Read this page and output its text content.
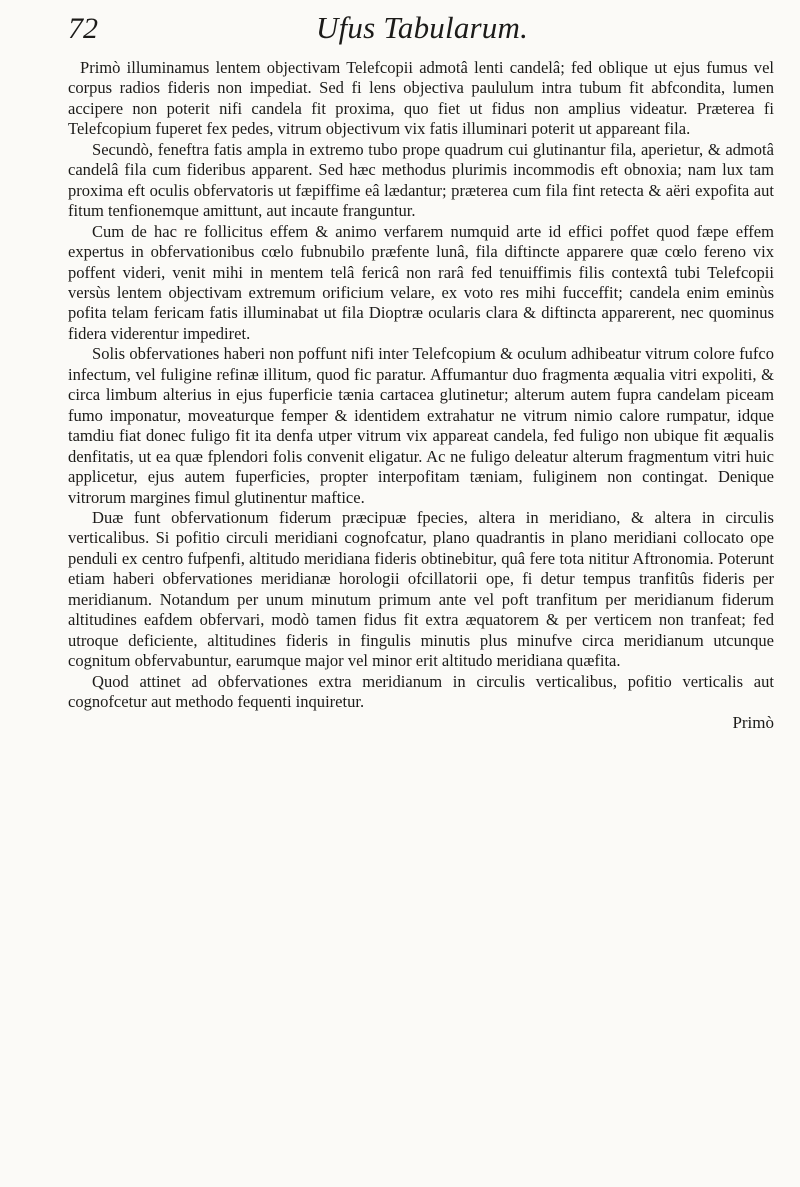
72	Ufus Tabularum.

Primò illuminamus lentem objectivam Telefcopii admotâ lenti candelâ; fed oblique ut ejus fumus vel corpus radios fideris non impediat. Sed fi lens objectiva paululum intra tubum fit abfcondita, lumen accipere non poterit nifi candela fit proxima, quo fiet ut fidus non amplius videatur. Præterea fi Telefcopium fuperet fex pedes, vitrum objectivum vix fatis illuminari poterit ut appareant fila.

Secundò, feneftra fatis ampla in extremo tubo prope quadrum cui glutinantur fila, aperietur, & admotâ candelâ fila cum fideribus apparent. Sed hæc methodus plurimis incommodis eft obnoxia; nam lux tam proxima eft oculis obfervatoris ut fæpiffime eâ lædantur; præterea cum fila fint retecta & aëri expofita aut fitum tenfionemque amittunt, aut incaute franguntur.

Cum de hac re follicitus effem & animo verfarem numquid arte id effici poffet quod fæpe effem expertus in obfervationibus cœlo fubnubilo præfente lunâ, fila diftincte apparere quæ cœlo fereno vix poffent videri, venit mihi in mentem telâ fericâ non rarâ fed tenuiffimis filis contextâ tubi Telefcopii versùs lentem objectivam extremum orificium velare, ex voto res mihi fucceffit; candela enim eminùs pofita telam fericam fatis illuminabat ut fila Dioptræ ocularis clara & diftincta apparerent, nec quominus fidera viderentur impediret.

Solis obfervationes haberi non poffunt nifi inter Telefcopium & oculum adhibeatur vitrum colore fufco infectum, vel fuligine refinæ illitum, quod fic paratur. Affumantur duo fragmenta æqualia vitri expoliti, & circa limbum alterius in ejus fuperficie tænia cartacea glutinetur; alterum autem fupra candelam piceam fumo imponatur, moveaturque femper & identidem extrahatur ne vitrum nimio calore rumpatur, idque tamdiu fiat donec fuligo fit ita denfa utper vitrum vix appareat candela, fed fuligo non ubique fit æqualis denfitatis, ut ea quæ fplendori folis convenit eligatur. Ac ne fuligo deleatur alterum fragmentum vitri huic applicetur, ejus autem fuperficies, propter interpofitam tæniam, fuliginem non contingat. Denique vitrorum margines fimul glutinentur maftice.

Duæ funt obfervationum fiderum præcipuæ fpecies, altera in meridiano, & altera in circulis verticalibus. Si pofitio circuli meridiani cognofcatur, plano quadrantis in plano meridiani collocato ope penduli ex centro fufpenfi, altitudo meridiana fideris obtinebitur, quâ fere tota nititur Aftronomia. Poterunt etiam haberi obfervationes meridianæ horologii ofcillatorii ope, fi detur tempus tranfitûs fideris per meridianum. Notandum per unum minutum primum ante vel poft tranfitum per meridianum fiderum altitudines eafdem obfervari, modò tamen fidus fit extra æquatorem & per verticem non tranfeat; fed utroque deficiente, altitudines fideris in fingulis minutis plus minufve circa meridianum utcunque cognitum obfervabuntur, earumque major vel minor erit altitudo meridiana quæfita.

Quod attinet ad obfervationes extra meridianum in circulis verticalibus, pofitio verticalis aut cognofcetur aut methodo fequenti inquiretur.

Primò
